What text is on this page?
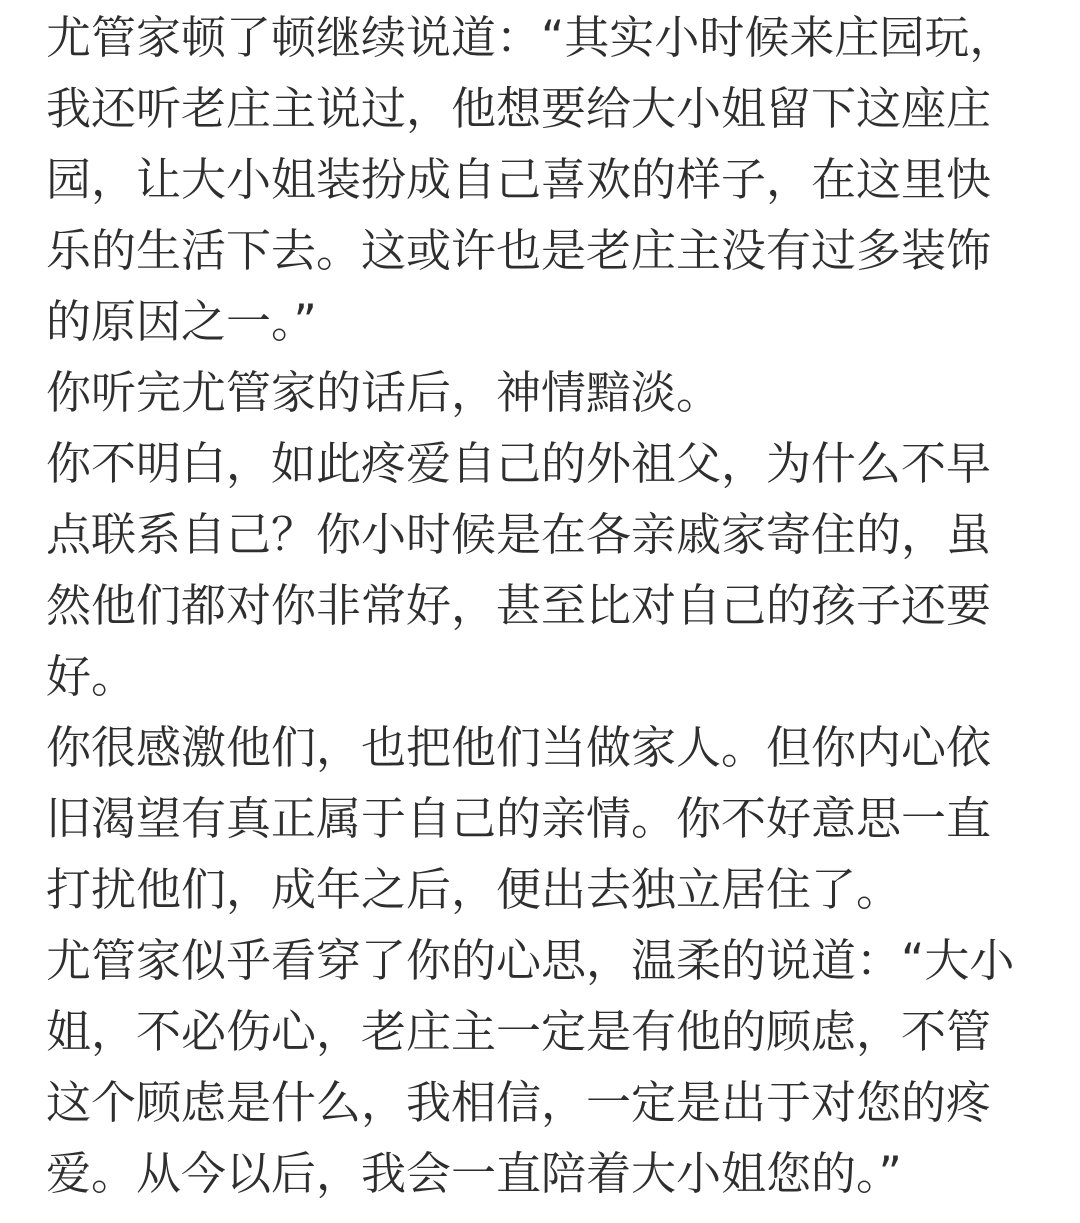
尤管家顿了顿继续说道：“其实小时候来庄园玩，
我还听老庄主说过，他想要给大小姐留下这座庄
园，让大小姐装扮成自己喜欢的样子，在这里快
乐的生活下去。这或许也是老庄主没有过多装饰
的原因之一。”
你听完尤管家的话后，神情黯淡。
你不明白，如此疼爱自己的外祖父，为什么不早
点联系自己？你小时候是在各亲戚家寄住的，虽
然他们都对你非常好，甚至比对自己的孩子还要
好。
你很感激他们，也把他们当做家人。但你内心依
旧渴望有真正属于自己的亲情。你不好意思一直
打扰他们，成年之后，便出去独立居住了。
尤管家似乎看穿了你的心思，温柔的说道：“大小
姐，不必伤心，老庄主一定是有他的顾虑，不管
这个顾虑是什么，我相信，一定是出于对您的疼
爱。从今以后，我会一直陪着大小姐您的。”
